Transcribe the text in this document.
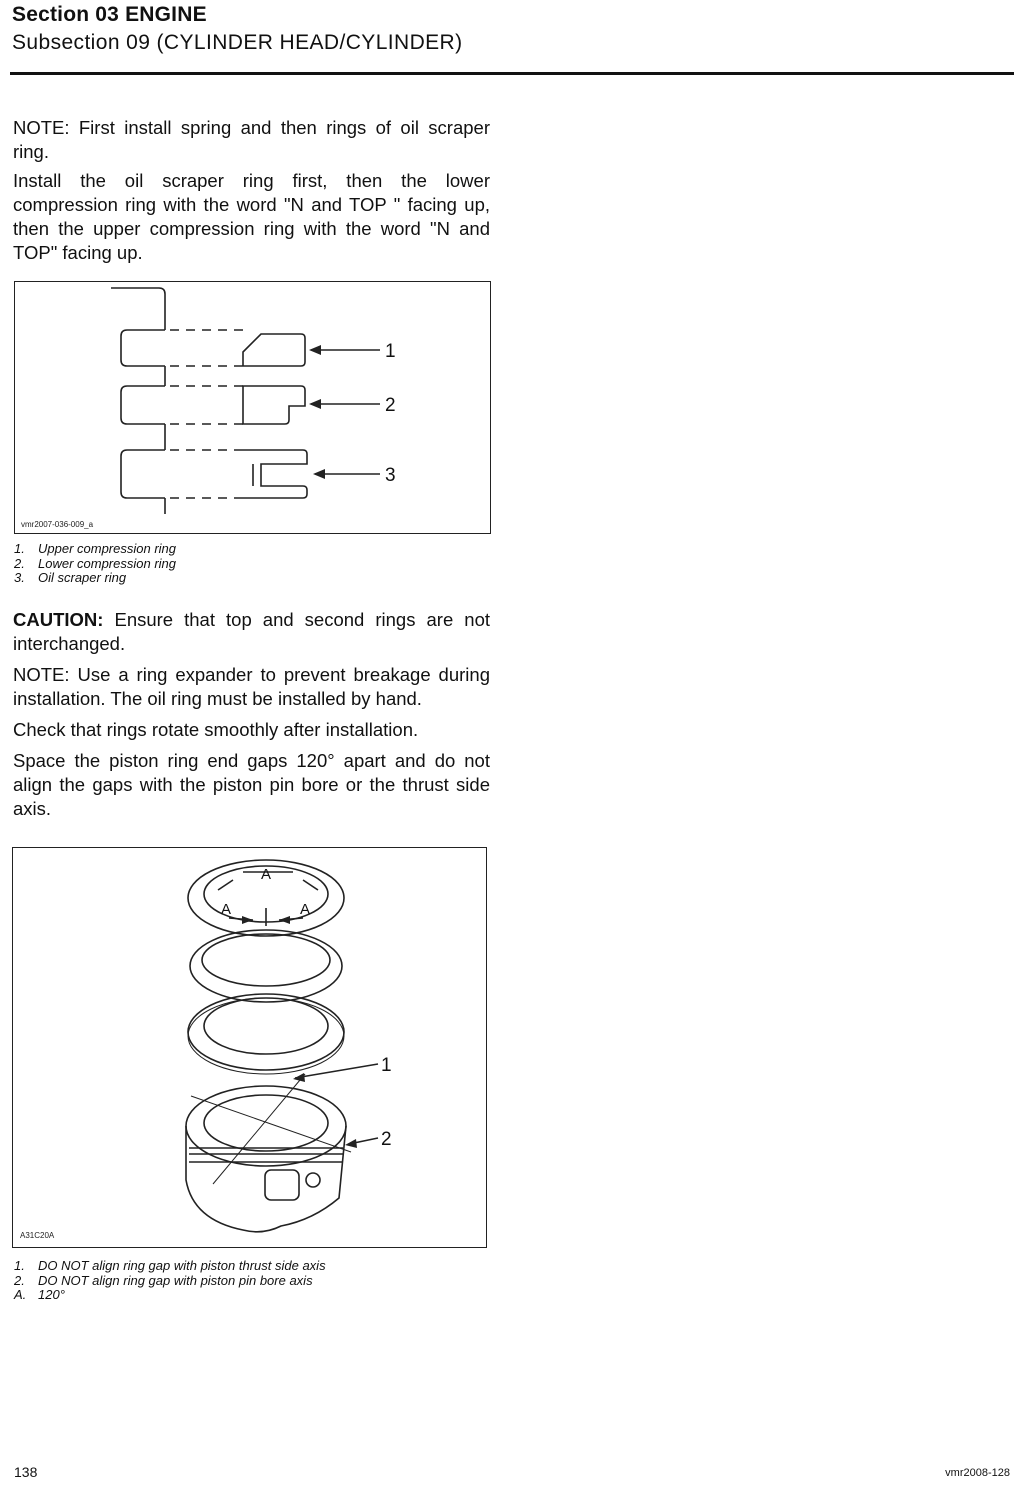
Section 03 ENGINE
Subsection 09 (CYLINDER HEAD/CYLINDER)

NOTE: First install spring and then rings of oil scraper ring.

Install the oil scraper ring first, then the lower compression ring with the word "N and TOP " facing up, then the upper compression ring with the word "N and TOP" facing up.

1
2
3
vmr2007-036-009_a
1. Upper compression ring
2. Lower compression ring
3. Oil scraper ring

CAUTION: Ensure that top and second rings are not interchanged.

NOTE: Use a ring expander to prevent breakage during installation. The oil ring must be installed by hand.

Check that rings rotate smoothly after installation.

Space the piston ring end gaps 120° apart and do not align the gaps with the piston pin bore or the thrust side axis.

A
A	A
1
2
A31C20A
1. DO NOT align ring gap with piston thrust side axis
2. DO NOT align ring gap with piston pin bore axis
A. 120°
138	vmr2008-128
